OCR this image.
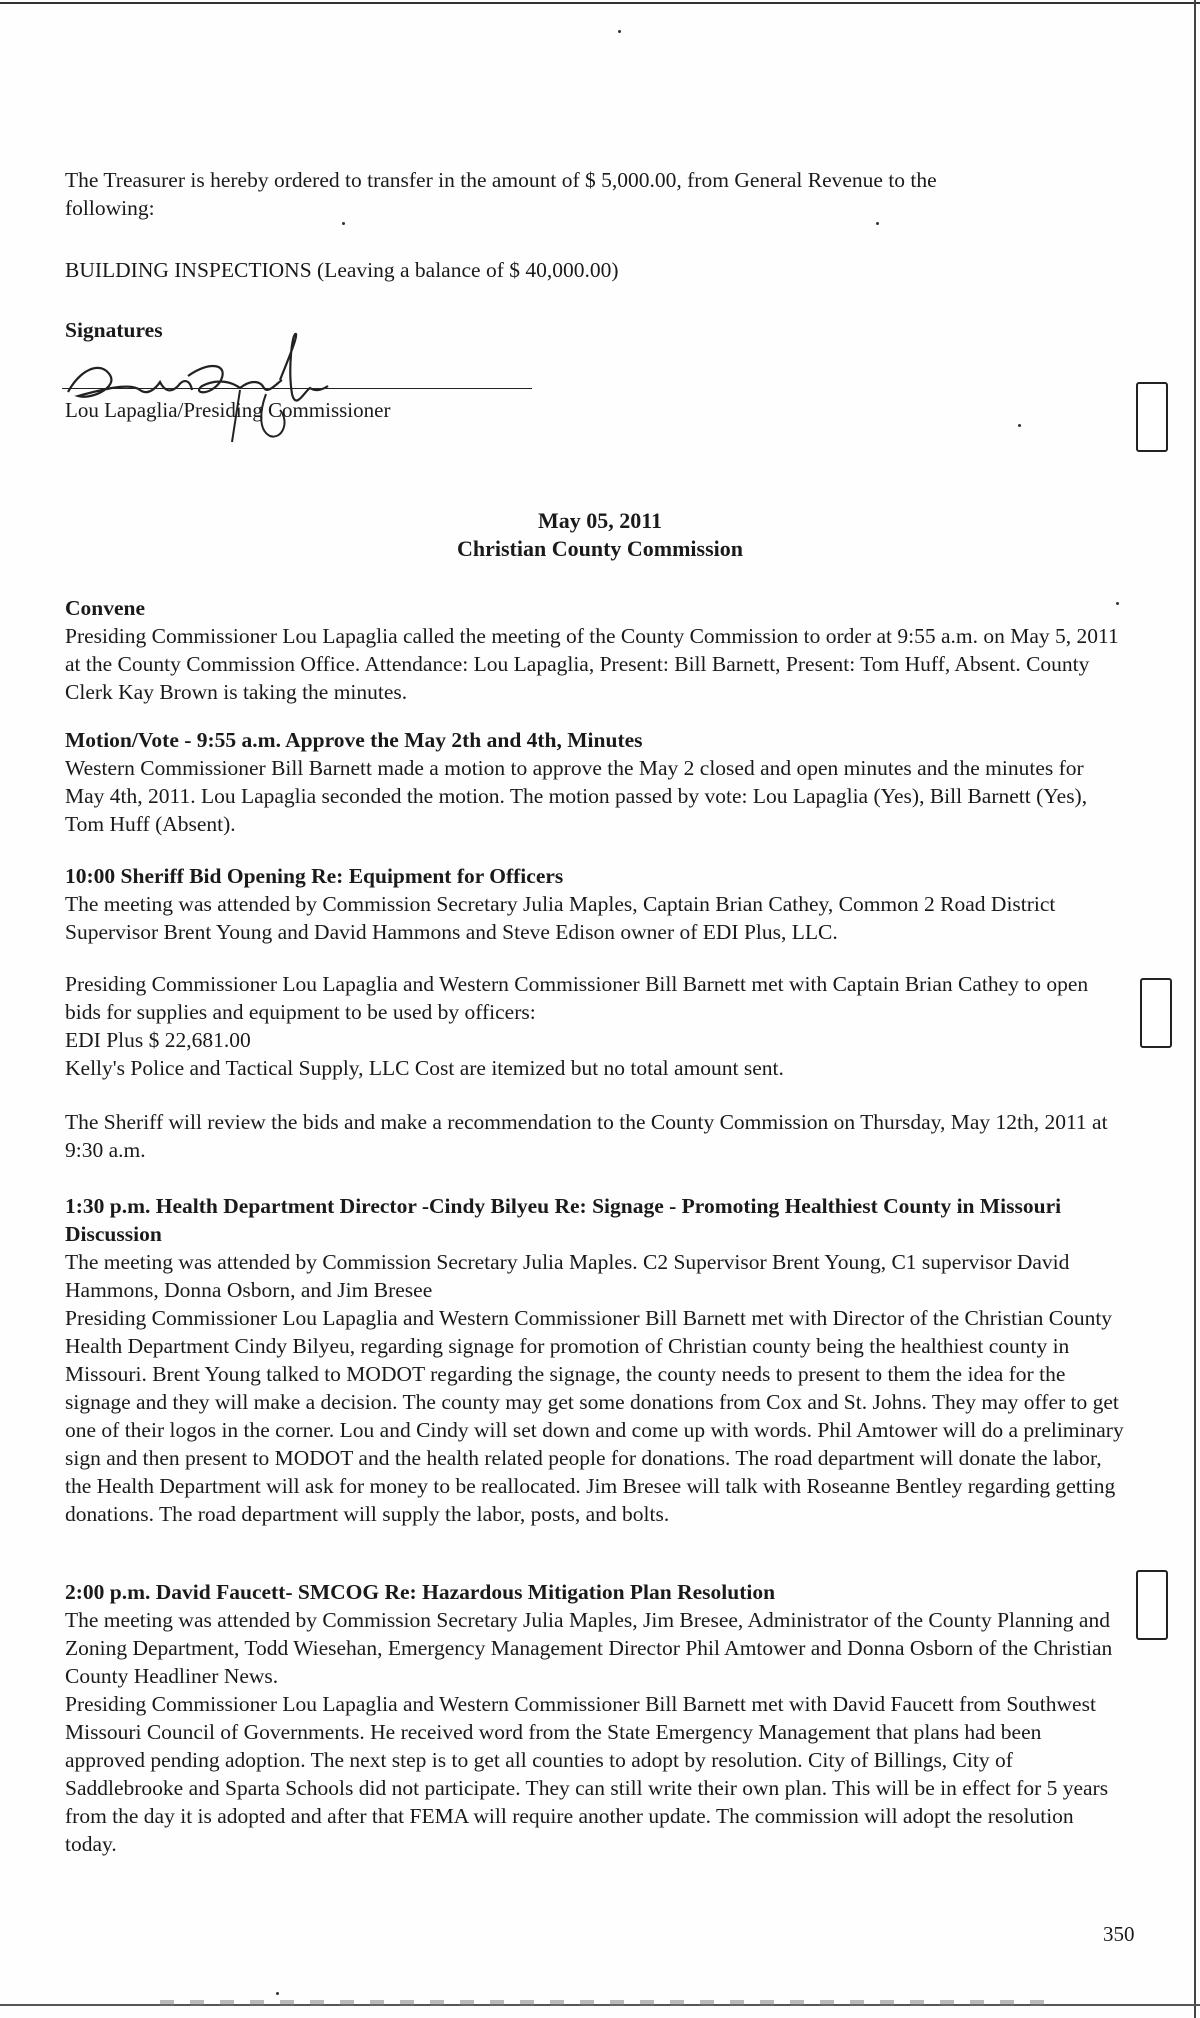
The Treasurer is hereby ordered to transfer in the amount of $ 5,000.00, from General Revenue to the

following:

BUILDING INSPECTIONS (Leaving a balance of $ 40,000.00)

Signatures

Lou Lapaglia/Presiding Commissioner
May 05, 2011
Christian County Commission

Convene

Presiding Commissioner Lou Lapaglia called the meeting of the County Commission to order at 9:55 a.m. on May 5, 2011 at the County Commission Office. Attendance: Lou Lapaglia, Present: Bill Barnett, Present: Tom Huff, Absent. County Clerk Kay Brown is taking the minutes.

Motion/Vote - 9:55 a.m. Approve the May 2th and 4th, Minutes

Western Commissioner Bill Barnett made a motion to approve the May 2 closed and open minutes and the minutes for May 4th, 2011. Lou Lapaglia seconded the motion. The motion passed by vote: Lou Lapaglia (Yes), Bill Barnett (Yes), Tom Huff (Absent).

10:00 Sheriff Bid Opening Re: Equipment for Officers

The meeting was attended by Commission Secretary Julia Maples, Captain Brian Cathey, Common 2 Road District Supervisor Brent Young and David Hammons and Steve Edison owner of EDI Plus, LLC.

Presiding Commissioner Lou Lapaglia and Western Commissioner Bill Barnett met with Captain Brian Cathey to open bids for supplies and equipment to be used by officers:

EDI Plus $ 22,681.00

Kelly's Police and Tactical Supply, LLC Cost are itemized but no total amount sent.

The Sheriff will review the bids and make a recommendation to the County Commission on Thursday, May 12th, 2011 at 9:30 a.m.

1:30 p.m. Health Department Director -Cindy Bilyeu Re: Signage - Promoting Healthiest County in Missouri Discussion

The meeting was attended by Commission Secretary Julia Maples. C2 Supervisor Brent Young, C1 supervisor David Hammons, Donna Osborn, and Jim Bresee

Presiding Commissioner Lou Lapaglia and Western Commissioner Bill Barnett met with Director of the Christian County Health Department Cindy Bilyeu, regarding signage for promotion of Christian county being the healthiest county in Missouri. Brent Young talked to MODOT regarding the signage, the county needs to present to them the idea for the signage and they will make a decision. The county may get some donations from Cox and St. Johns. They may offer to get one of their logos in the corner. Lou and Cindy will set down and come up with words. Phil Amtower will do a preliminary sign and then present to MODOT and the health related people for donations. The road department will donate the labor, the Health Department will ask for money to be reallocated. Jim Bresee will talk with Roseanne Bentley regarding getting donations. The road department will supply the labor, posts, and bolts.

2:00 p.m. David Faucett- SMCOG Re: Hazardous Mitigation Plan Resolution

The meeting was attended by Commission Secretary Julia Maples, Jim Bresee, Administrator of the County Planning and Zoning Department, Todd Wiesehan, Emergency Management Director Phil Amtower and Donna Osborn of the Christian County Headliner News.

Presiding Commissioner Lou Lapaglia and Western Commissioner Bill Barnett met with David Faucett from Southwest Missouri Council of Governments. He received word from the State Emergency Management that plans had been approved pending adoption. The next step is to get all counties to adopt by resolution. City of Billings, City of Saddlebrooke and Sparta Schools did not participate. They can still write their own plan. This will be in effect for 5 years from the day it is adopted and after that FEMA will require another update. The commission will adopt the resolution today.

350
